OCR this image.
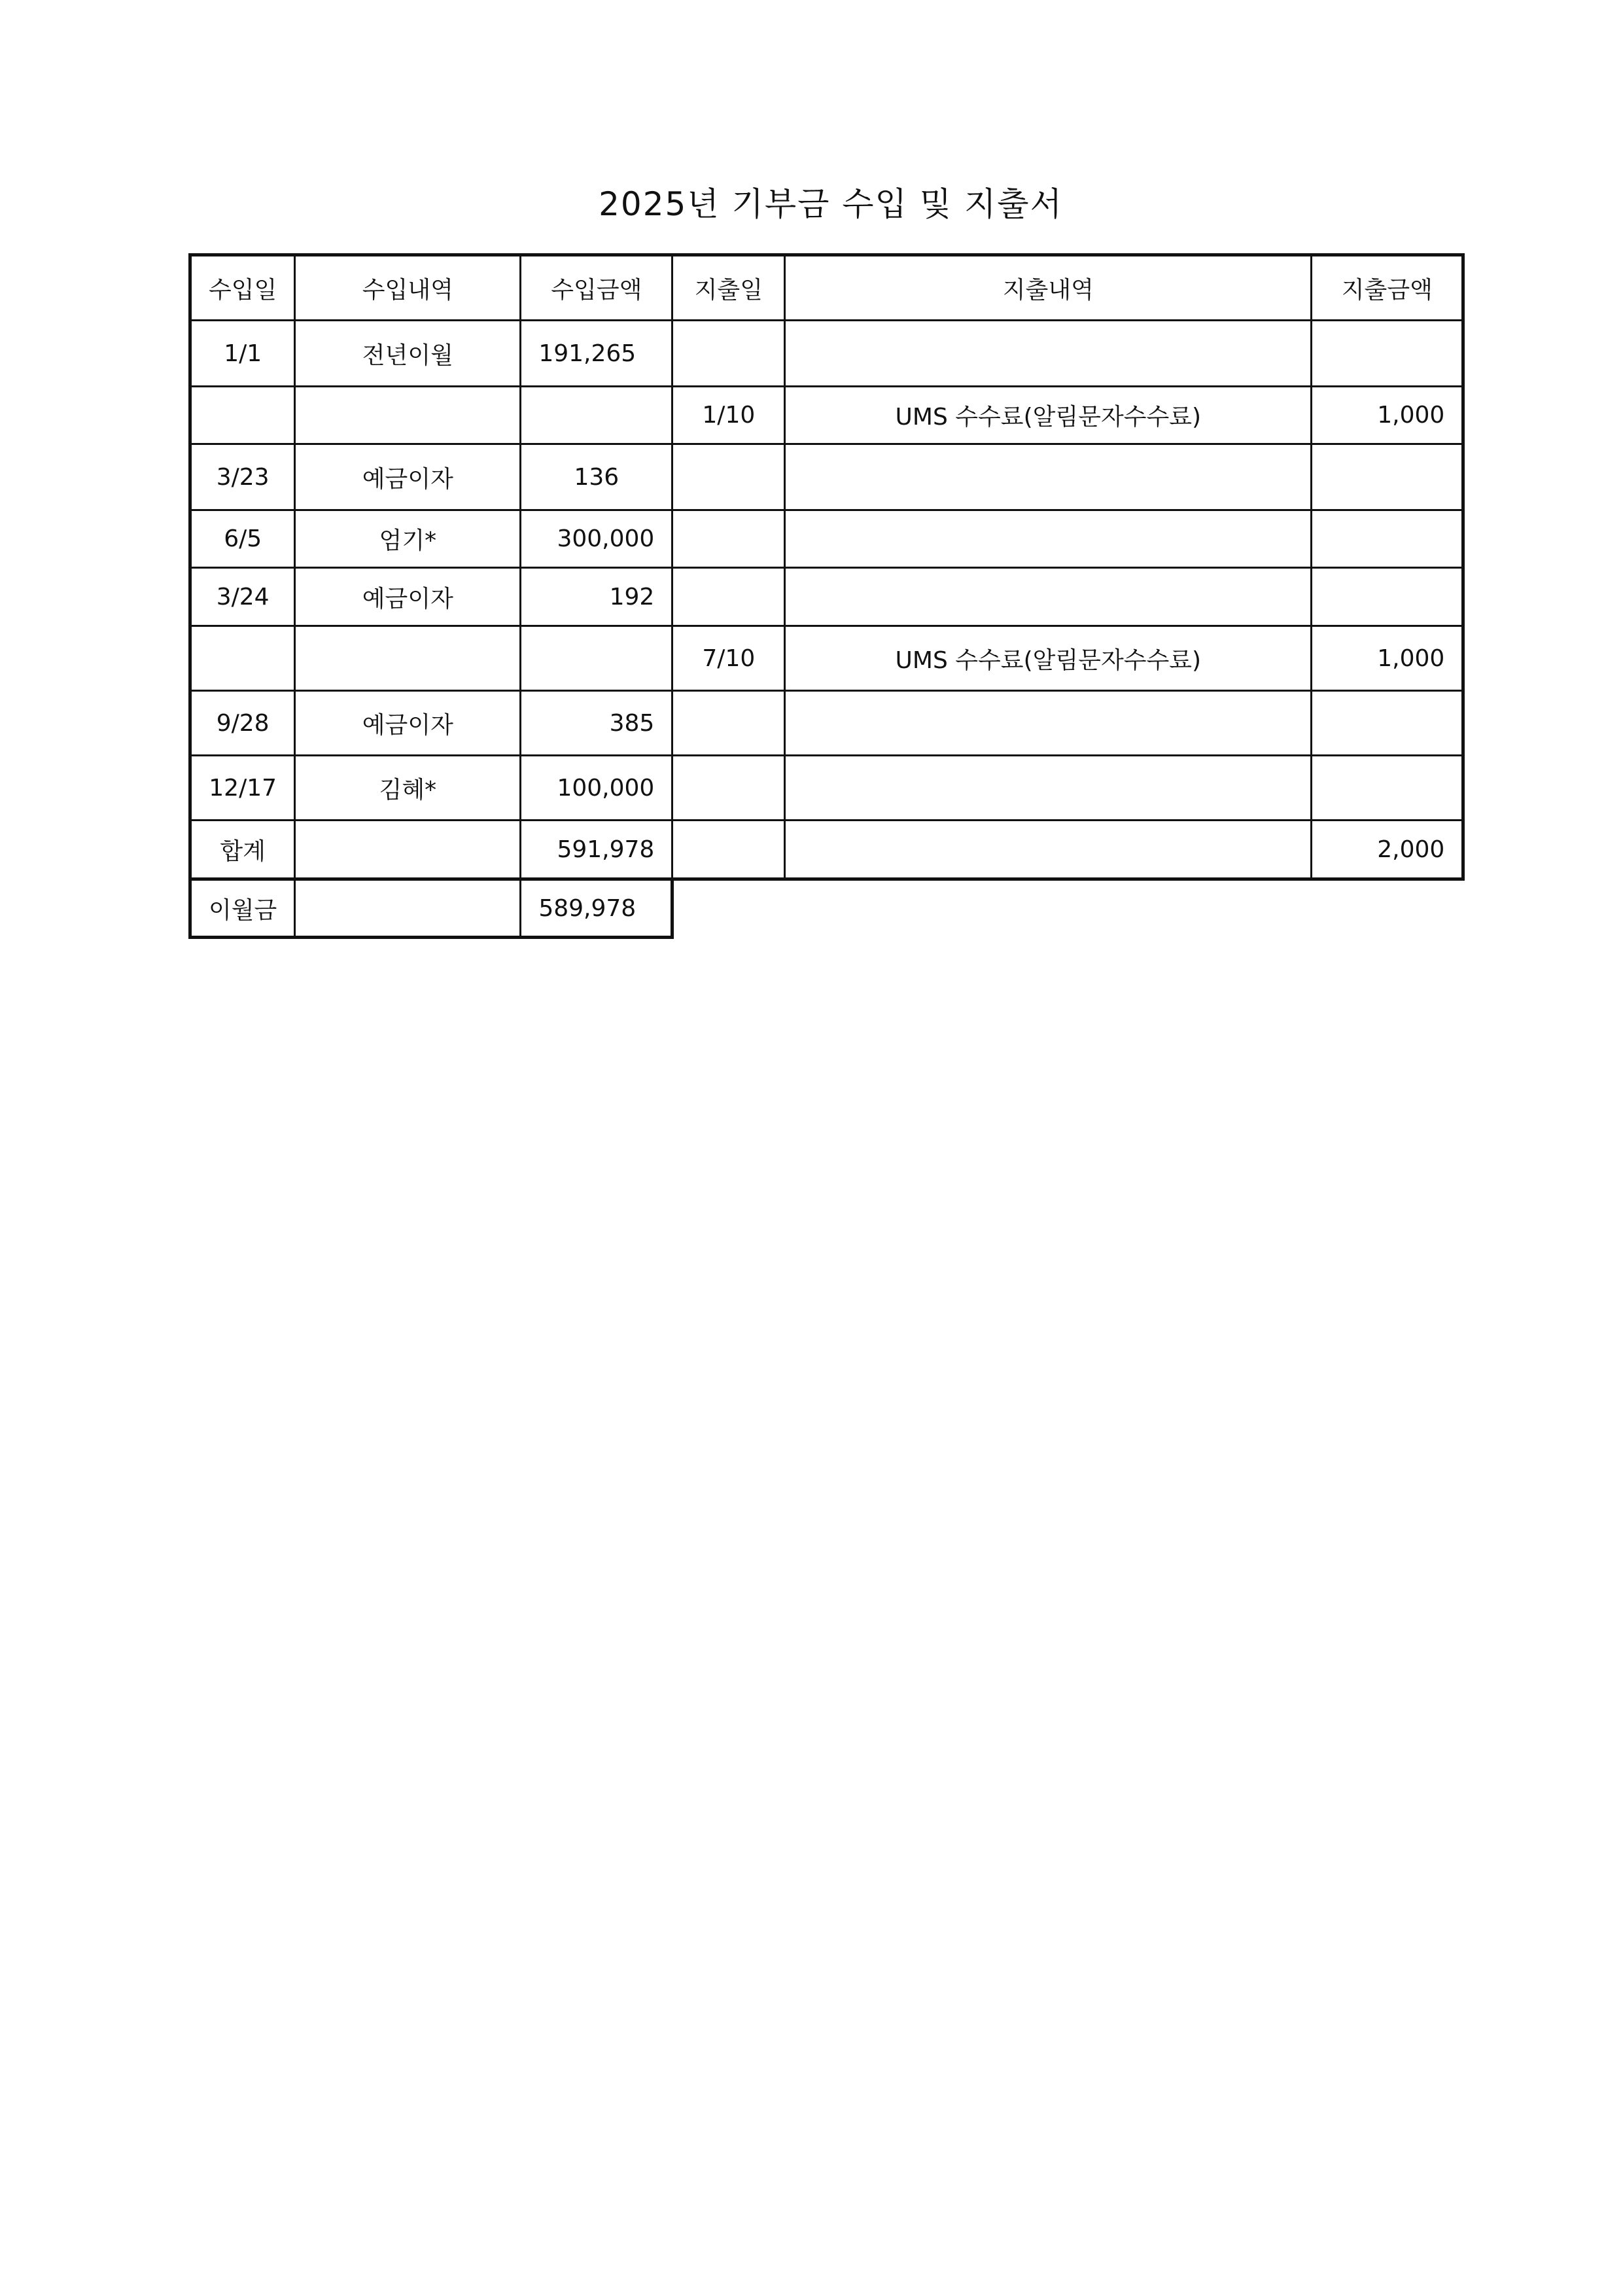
2025년 기부금 수입 및 지출서
수입일	수입내역	수입금액	지출일	지출내역	지출금액
1/1	전년이월	191,265			
			1/10	UMS 수수료(알림문자수수료)	1,000
3/23	예금이자	136			
6/5	엄기*	300,000			
3/24	예금이자	192			
			7/10	UMS 수수료(알림문자수수료)	1,000
9/28	예금이자	385			
12/17	김혜*	100,000			
합계		591,978			2,000
이월금		589,978			
